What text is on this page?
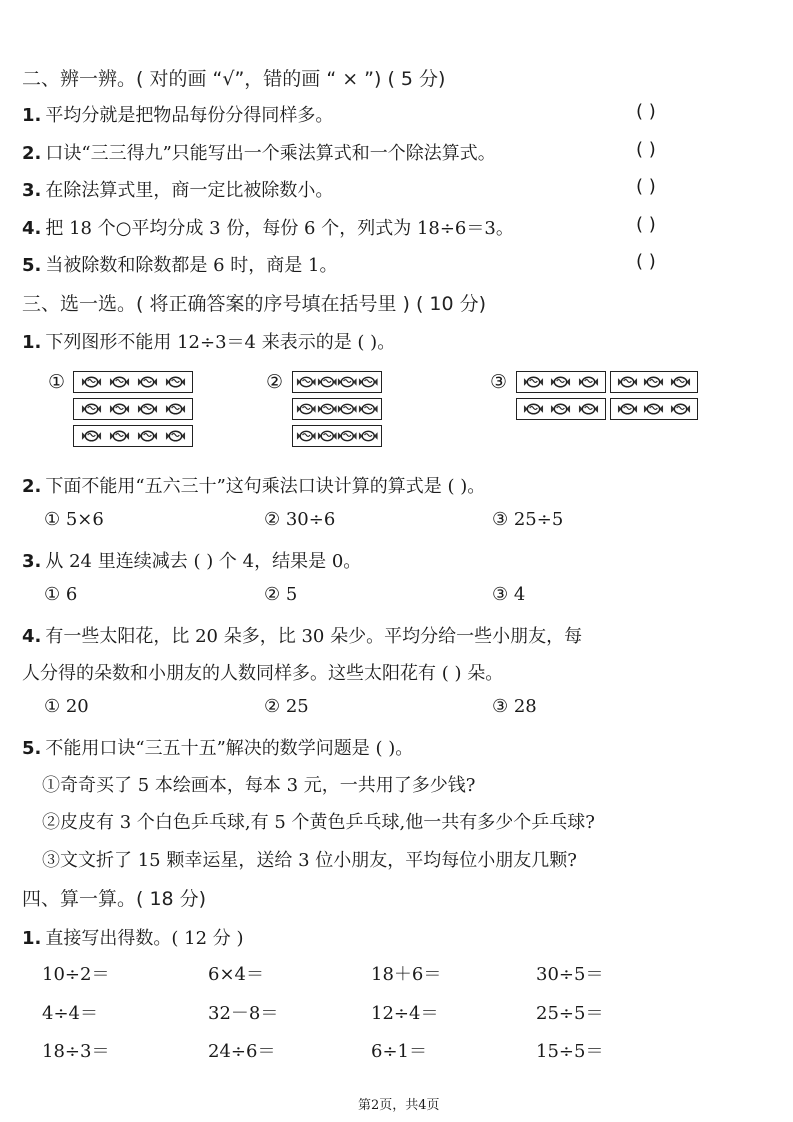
二、辨一辨。( 对的画 “√”，错的画 “ × ”) ( 5 分)
1. 平均分就是把物品每份分得同样多。	( )
2. 口诀“三三得九”只能写出一个乘法算式和一个除法算式。	( )
3. 在除法算式里，商一定比被除数小。	( )
4. 把 18 个○平均分成 3 份，每份 6 个，列式为 18÷6＝3。	( )
5. 当被除数和除数都是 6 时，商是 1。	( )
三、选一选。( 将正确答案的序号填在括号里 ) ( 10 分)
1. 下列图形不能用 12÷3＝4 来表示的是 ( )。
①	②	③
2. 下面不能用“五六三十”这句乘法口诀计算的算式是 ( )。
① 5×6	② 30÷6	③ 25÷5
3. 从 24 里连续减去 ( ) 个 4，结果是 0。
① 6	② 5	③ 4
4. 有一些太阳花，比 20 朵多，比 30 朵少。平均分给一些小朋友，每
人分得的朵数和小朋友的人数同样多。这些太阳花有 ( ) 朵。
① 20	② 25	③ 28
5. 不能用口诀“三五十五”解决的数学问题是 ( )。
①奇奇买了 5 本绘画本，每本 3 元，一共用了多少钱?
②皮皮有 3 个白色乒乓球,有 5 个黄色乒乓球,他一共有多少个乒乓球?
③文文折了 15 颗幸运星，送给 3 位小朋友，平均每位小朋友几颗?
四、算一算。( 18 分)
1. 直接写出得数。( 12 分 )
10÷2＝	6×4＝	18＋6＝	30÷5＝
4÷4＝	32－8＝	12÷4＝	25÷5＝
18÷3＝	24÷6＝	6÷1＝	15÷5＝
第2页，共4页
